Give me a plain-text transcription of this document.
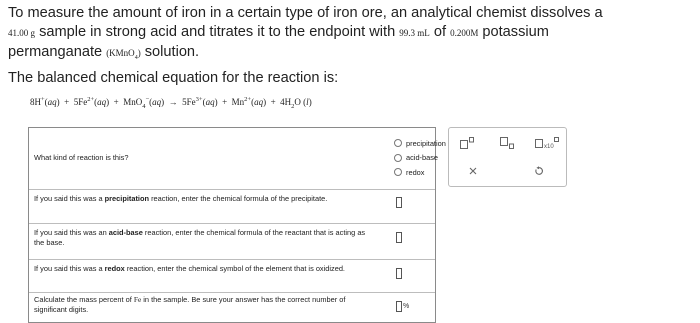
To measure the amount of iron in a certain type of iron ore, an analytical chemist dissolves a
41.00 g sample in strong acid and titrates it to the endpoint with 99.3 mL of 0.200M potassium
permanganate (KMnO$_4$) solution.
The balanced chemical equation for the reaction is:
$8H^+(aq) + 5Fe^{2+}(aq) + MnO_4^-(aq) \to 5Fe^{3+}(aq) + Mn^{2+}(aq) + 4H_2O$ (l)
What kind of reaction is this?
precipitation
acid-base
redox
If you said this was a precipitation reaction, enter the chemical formula of the precipitate.
If you said this was an acid-base reaction, enter the chemical formula of the reactant that is acting as the base.
If you said this was a redox reaction, enter the chemical symbol of the element that is oxidized.
Calculate the mass percent of Fe in the sample. Be sure your answer has the correct number of significant digits.	%
x10
